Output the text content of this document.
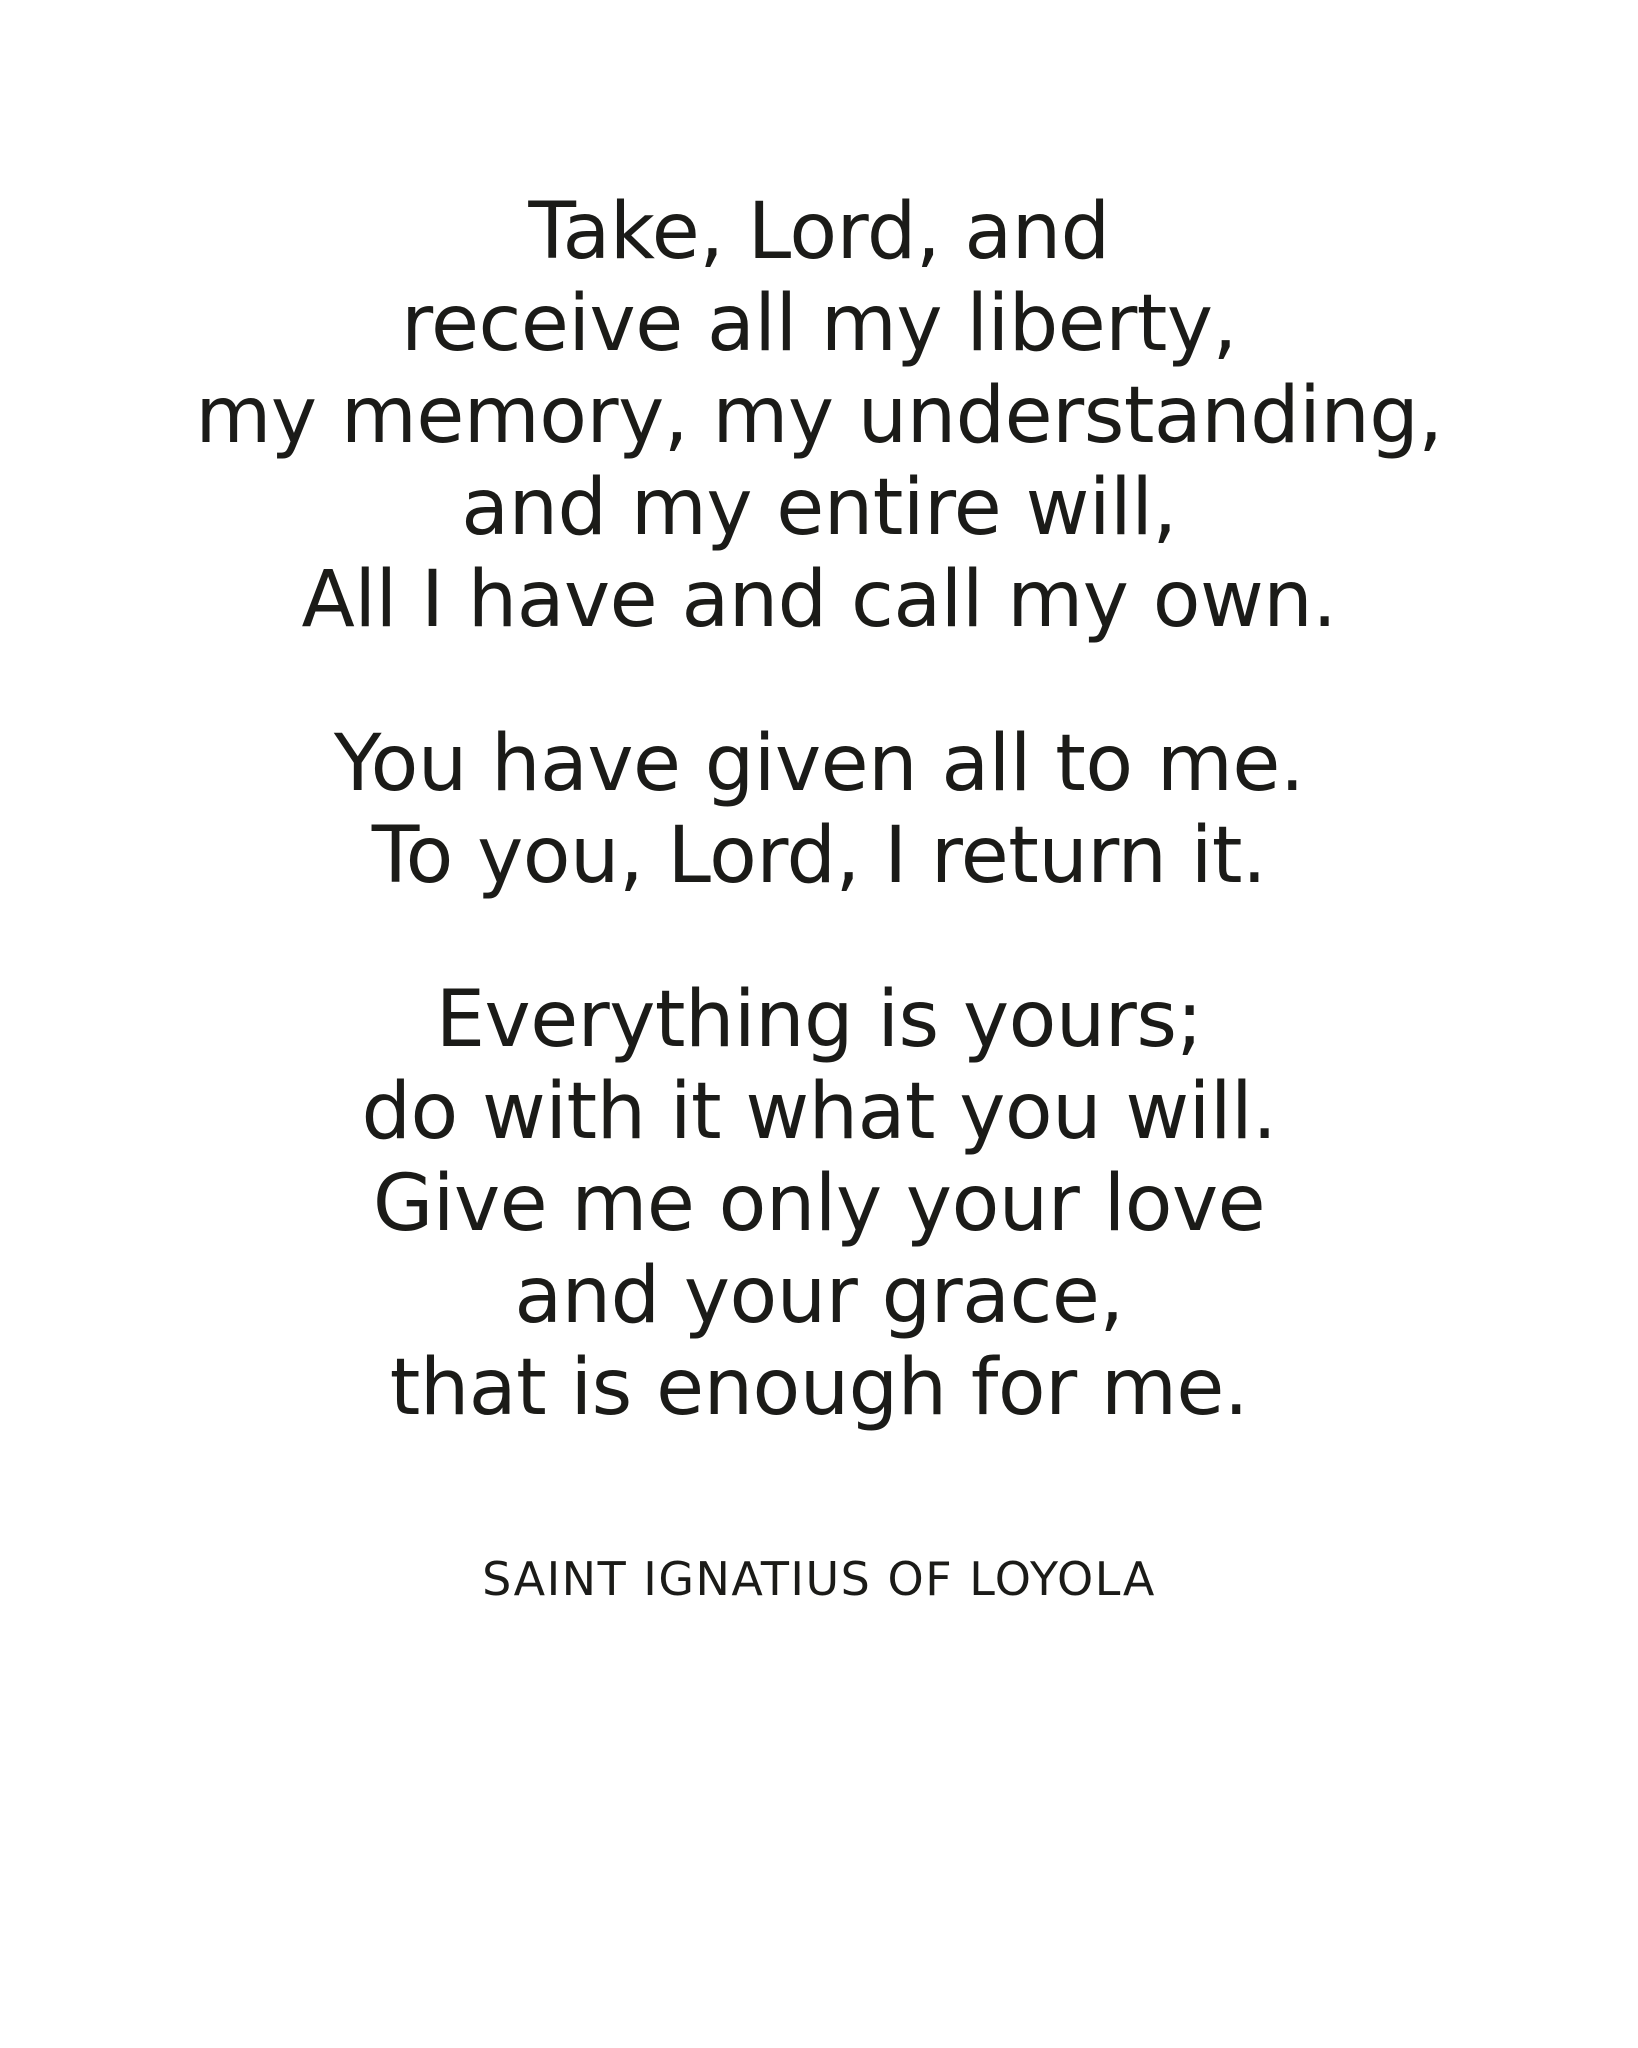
Take, Lord, and
receive all my liberty,
my memory, my understanding,
and my entire will,
All I have and call my own.
You have given all to me.
To you, Lord, I return it.
Everything is yours;
do with it what you will.
Give me only your love
and your grace,
that is enough for me.
SAINT IGNATIUS OF LOYOLA
